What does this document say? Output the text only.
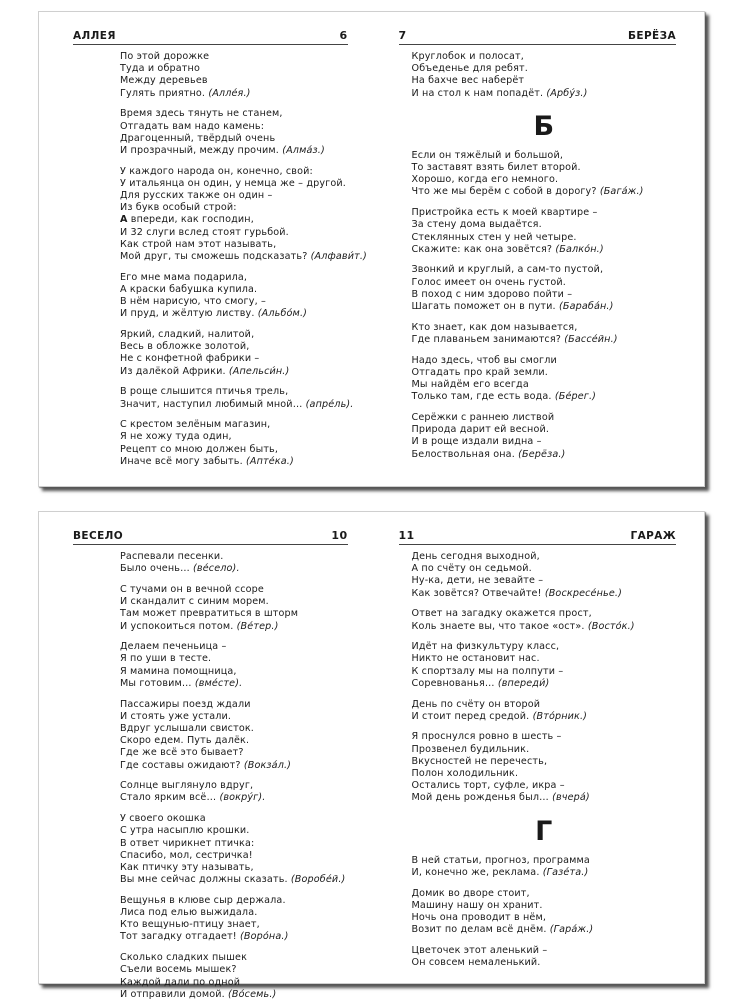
АЛЛЕЯ	6
По этой дорожке
Туда и обратно
Между деревьев
Гулять приятно. (Алле́я.)
Время здесь тянуть не станем,
Отгадать вам надо камень:
Драгоценный, твёрдый очень
И прозрачный, между прочим. (Алма́з.)
У каждого народа он, конечно, свой:
У итальянца он один, у немца же – другой.
Для русских также он один –
Из букв особый строй:
А впереди, как господин,
И 32 слуги вслед стоят гурьбой.
Как строй нам этот называть,
Мой друг, ты сможешь подсказать? (Алфави́т.)
Его мне мама подарила,
А краски бабушка купила.
В нём нарисую, что смогу, –
И пруд, и жёлтую листву. (Альбо́м.)
Яркий, сладкий, налитой,
Весь в обложке золотой,
Не с конфетной фабрики –
Из далёкой Африки. (Апельси́н.)
В роще слышится птичья трель,
Значит, наступил любимый мной… (апре́ль).
С крестом зелёным магазин,
Я не хожу туда один,
Рецепт со мною должен быть,
Иначе всё могу забыть. (Апте́ка.)
7	БЕРЁЗА
Круглобок и полосат,
Объеденье для ребят.
На бахче вес наберёт
И на стол к нам попадёт. (Арбу́з.)
Б
Если он тяжёлый и большой,
То заставят взять билет второй.
Хорошо, когда его немного.
Что же мы берём с собой в дорогу? (Бага́ж.)
Пристройка есть к моей квартире –
За стену дома выдаётся.
Стеклянных стен у ней четыре.
Скажите: как она зовётся? (Балко́н.)
Звонкий и круглый, а сам-то пустой,
Голос имеет он очень густой.
В поход с ним здорово пойти –
Шагать поможет он в пути. (Бараба́н.)
Кто знает, как дом называется,
Где плаваньем занимаются? (Бассе́йн.)
Надо здесь, чтоб вы смогли
Отгадать про край земли.
Мы найдём его всегда
Только там, где есть вода. (Бе́рег.)
Серёжки с раннею листвой
Природа дарит ей весной.
И в роще издали видна –
Белоствольная она. (Берёза.)
ВЕСЕЛО	10
Распевали песенки.
Было очень… (ве́село).
С тучами он в вечной ссоре
И скандалит с синим морем.
Там может превратиться в шторм
И успокоиться потом. (Ве́тер.)
Делаем печеньица –
Я по уши в тесте.
Я мамина помощница,
Мы готовим… (вме́сте).
Пассажиры поезд ждали
И стоять уже устали.
Вдруг услышали свисток.
Скоро едем. Путь далёк.
Где же всё это бывает?
Где составы ожидают? (Вокза́л.)
Солнце выглянуло вдруг,
Стало ярким всё… (вокру́г).
У своего окошка
С утра насыплю крошки.
В ответ чирикнет птичка:
Спасибо, мол, сестричка!
Как птичку эту называть,
Вы мне сейчас должны сказать. (Воробе́й.)
Вещунья в клюве сыр держала.
Лиса под елью выжидала.
Кто вещунью-птицу знает,
Тот загадку отгадает! (Воро́на.)
Сколько сладких пышек
Съели восемь мышек?
Каждой дали по одной
И отправили домой. (Во́семь.)
11	ГАРАЖ
День сегодня выходной,
А по счёту он седьмой.
Ну-ка, дети, не зевайте –
Как зовётся? Отвечайте! (Воскресе́нье.)
Ответ на загадку окажется прост,
Коль знаете вы, что такое «ост». (Восто́к.)
Идёт на физкультуру класс,
Никто не остановит нас.
К спортзалу мы на полпути –
Соревнованья… (впереди́)
День по счёту он второй
И стоит перед средой. (Вто́рник.)
Я проснулся ровно в шесть –
Прозвенел будильник.
Вкусностей не перечесть,
Полон холодильник.
Остались торт, суфле, икра –
Мой день рожденья был… (вчера́)
Г
В ней статьи, прогноз, программа
И, конечно же, реклама. (Газе́та.)
Домик во дворе стоит,
Машину нашу он хранит.
Ночь она проводит в нём,
Возит по делам всё днём. (Гара́ж.)
Цветочек этот аленький –
Он совсем немаленький.
